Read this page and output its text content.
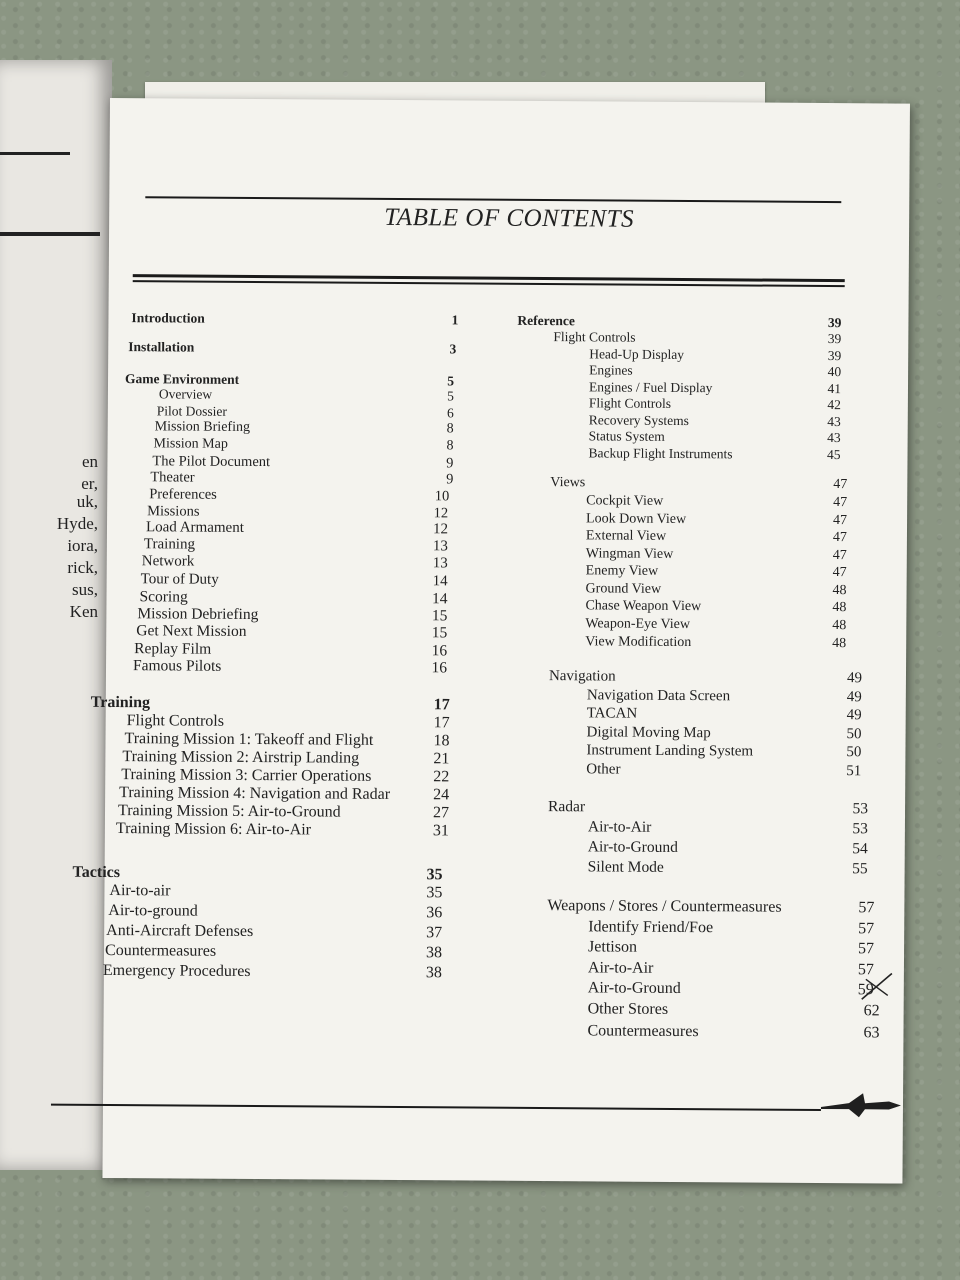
en
er,
uk,
Hyde,
iora,
rick,
sus,
Ken
TABLE OF CONTENTS
Introduction	1
Installation	3
Game Environment	5
Overview	5
Pilot Dossier	6
Mission Briefing	8
Mission Map	8
The Pilot Document	9
Theater	9
Preferences	10
Missions	12
Load Armament	12
Training	13
Network	13
Tour of Duty	14
Scoring	14
Mission Debriefing	15
Get Next Mission	15
Replay Film	16
Famous Pilots	16
Training	17
Flight Controls	17
Training Mission 1: Takeoff and Flight	18
Training Mission 2: Airstrip Landing	21
Training Mission 3: Carrier Operations	22
Training Mission 4: Navigation and Radar	24
Training Mission 5: Air-to-Ground	27
Training Mission 6: Air-to-Air	31
Tactics	35
Air-to-air	35
Air-to-ground	36
Anti-Aircraft Defenses	37
Countermeasures	38
Emergency Procedures	38
Reference	39
Flight Controls	39
Head-Up Display	39
Engines	40
Engines / Fuel Display	41
Flight Controls	42
Recovery Systems	43
Status System	43
Backup Flight Instruments	45
Views	47
Cockpit View	47
Look Down View	47
External View	47
Wingman View	47
Enemy View	47
Ground View	48
Chase Weapon View	48
Weapon-Eye View	48
View Modification	48
Navigation	49
Navigation Data Screen	49
TACAN	49
Digital Moving Map	50
Instrument Landing System	50
Other	51
Radar	53
Air-to-Air	53
Air-to-Ground	54
Silent Mode	55
Weapons / Stores / Countermeasures	57
Identify Friend/Foe	57
Jettison	57
Air-to-Air	57
Air-to-Ground	59
Other Stores	62
Countermeasures	63
